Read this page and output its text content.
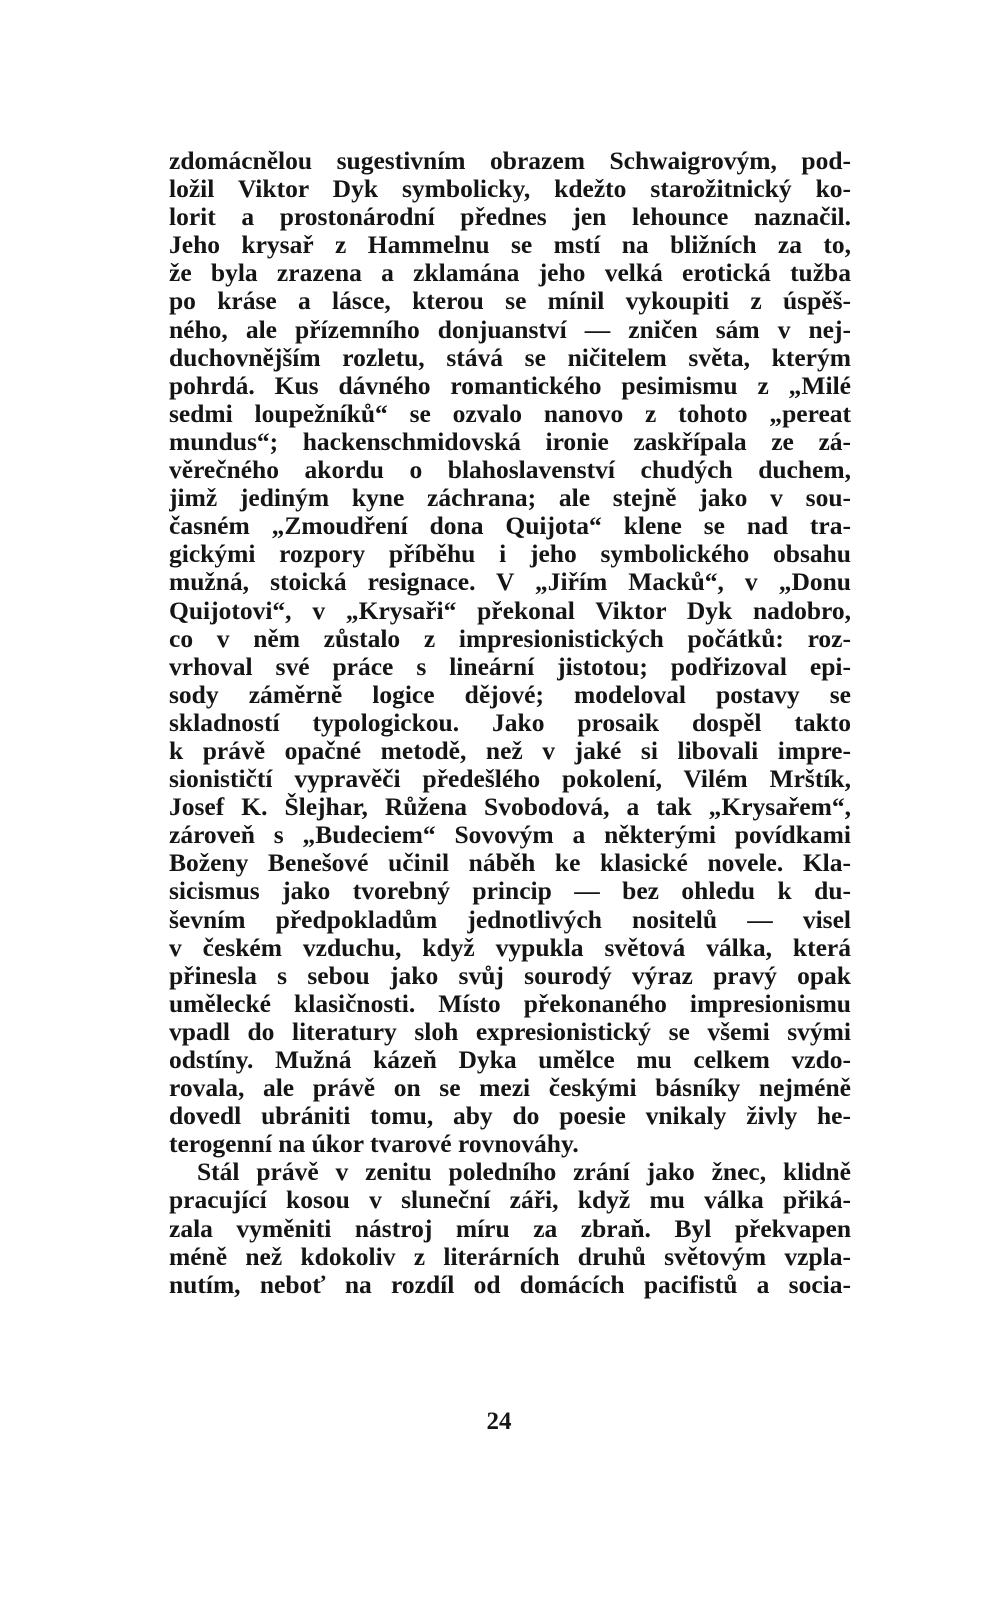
zdomácnělou sugestivním obrazem Schwaigrovým, pod-
ložil Viktor Dyk symbolicky, kdežto starožitnický ko-
lorit a prostonárodní přednes jen lehounce naznačil.
Jeho krysař z Hammelnu se mstí na bližních za to,
že byla zrazena a zklamána jeho velká erotická tužba
po kráse a lásce, kterou se mínil vykoupiti z úspěš-
ného, ale přízemního donjuanství — zničen sám v nej-
duchovnějším rozletu, stává se ničitelem světa, kterým
pohrdá. Kus dávného romantického pesimismu z „Milé
sedmi loupežníků“ se ozvalo nanovo z tohoto „pereat
mundus“; hackenschmidovská ironie zaskřípala ze zá-
věrečného akordu o blahoslavenství chudých duchem,
jimž jediným kyne záchrana; ale stejně jako v sou-
časném „Zmoudření dona Quijota“ klene se nad tra-
gickými rozpory příběhu i jeho symbolického obsahu
mužná, stoická resignace. V „Jiřím Macků“, v „Donu
Quijotovi“, v „Krysaři“ překonal Viktor Dyk nadobro,
co v něm zůstalo z impresionistických počátků: roz-
vrhoval své práce s lineární jistotou; podřizoval epi-
sody záměrně logice dějové; modeloval postavy se
skladností typologickou. Jako prosaik dospěl takto
k právě opačné metodě, než v jaké si libovali impre-
sionističtí vypravěči předešlého pokolení, Vilém Mrštík,
Josef K. Šlejhar, Růžena Svobodová, a tak „Krysařem“,
zároveň s „Budeciem“ Sovovým a některými povídkami
Boženy Benešové učinil náběh ke klasické novele. Kla-
sicismus jako tvorebný princip — bez ohledu k du-
ševním předpokladům jednotlivých nositelů — visel
v českém vzduchu, když vypukla světová válka, která
přinesla s sebou jako svůj sourodý výraz pravý opak
umělecké klasičnosti. Místo překonaného impresionismu
vpadl do literatury sloh expresionistický se všemi svými
odstíny. Mužná kázeň Dyka umělce mu celkem vzdo-
rovala, ale právě on se mezi českými básníky nejméně
dovedl ubrániti tomu, aby do poesie vnikaly živly he-
terogenní na úkor tvarové rovnováhy.
Stál právě v zenitu poledního zrání jako žnec, klidně
pracující kosou v sluneční záři, když mu válka přiká-
zala vyměniti nástroj míru za zbraň. Byl překvapen
méně než kdokoliv z literárních druhů světovým vzpla-
nutím, neboť na rozdíl od domácích pacifistů a socia-
24
